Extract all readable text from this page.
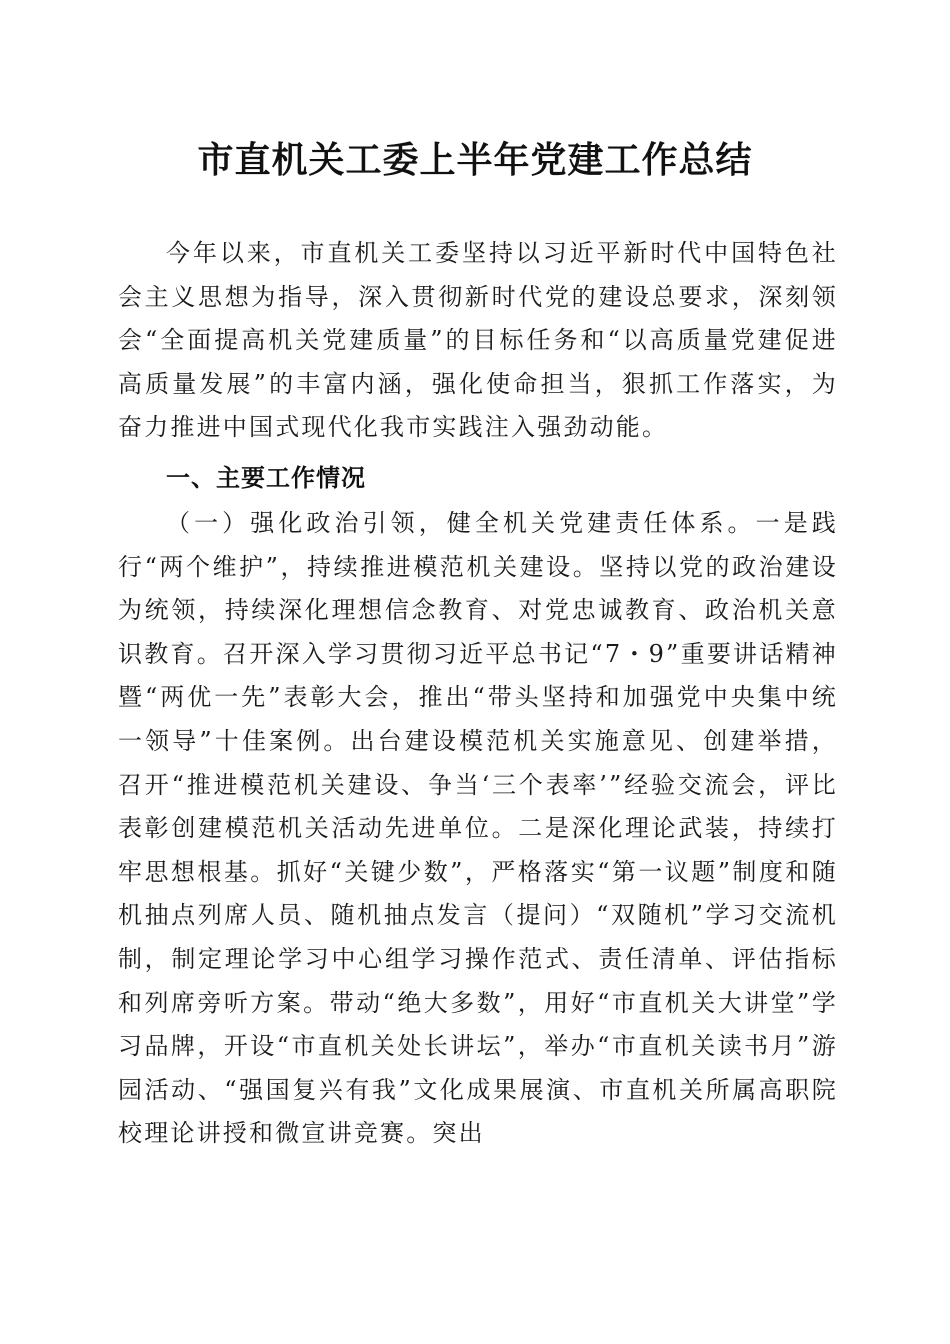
市直机关工委上半年党建工作总结
今年以来，市直机关工委坚持以习近平新时代中国特色社会主义思想为指导，深入贯彻新时代党的建设总要求，深刻领会“全面提高机关党建质量”的目标任务和“以高质量党建促进高质量发展”的丰富内涵，强化使命担当，狠抓工作落实，为奋力推进中国式现代化我市实践注入强劲动能。
一、主要工作情况
（一）强化政治引领，健全机关党建责任体系。一是践行“两个维护”，持续推进模范机关建设。坚持以党的政治建设为统领，持续深化理想信念教育、对党忠诚教育、政治机关意识教育。召开深入学习贯彻习近平总书记“7・9”重要讲话精神暨“两优一先”表彰大会，推出“带头坚持和加强党中央集中统一领导”十佳案例。出台建设模范机关实施意见、创建举措，召开“推进模范机关建设、争当‘三个表率’”经验交流会，评比表彰创建模范机关活动先进单位。二是深化理论武装，持续打牢思想根基。抓好“关键少数”，严格落实“第一议题”制度和随机抽点列席人员、随机抽点发言（提问）“双随机”学习交流机制，制定理论学习中心组学习操作范式、责任清单、评估指标和列席旁听方案。带动“绝大多数”，用好“市直机关大讲堂”学习品牌，开设“市直机关处长讲坛”，举办“市直机关读书月”游园活动、“强国复兴有我”文化成果展演、市直机关所属高职院校理论讲授和微宣讲竞赛。突出
